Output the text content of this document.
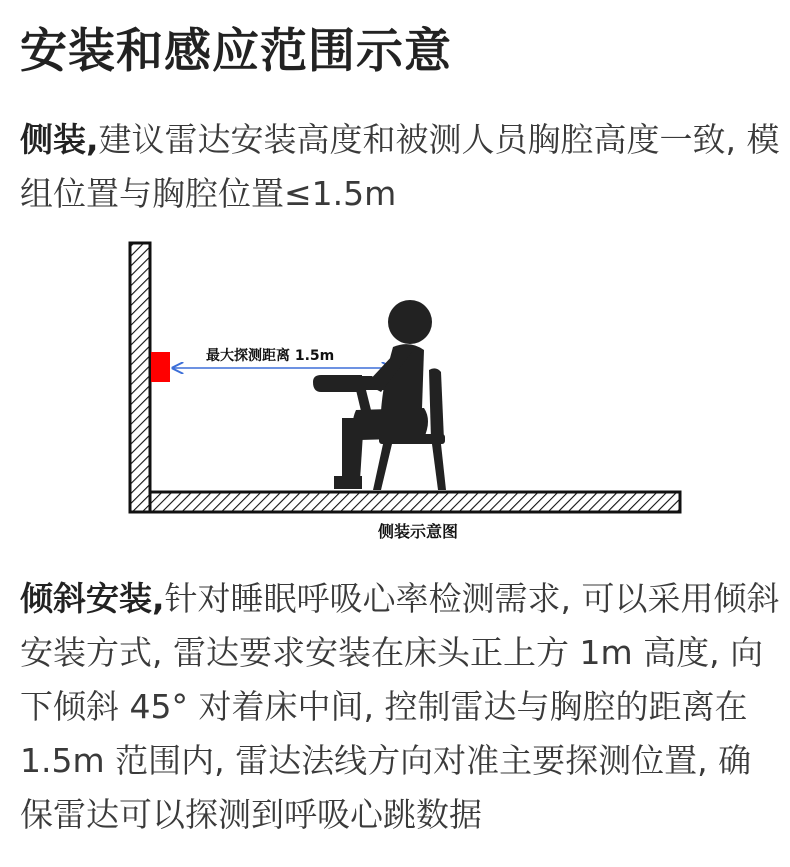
安装和感应范围示意

侧装,建议雷达安装高度和被测人员胸腔高度一致, 模组位置与胸腔位置≤1.5m

最大探测距离 1.5m
侧装示意图

倾斜安装,针对睡眠呼吸心率检测需求, 可以采用倾斜安装方式, 雷达要求安装在床头正上方 1m 高度, 向下倾斜 45° 对着床中间, 控制雷达与胸腔的距离在 1.5m 范围内, 雷达法线方向对准主要探测位置, 确保雷达可以探测到呼吸心跳数据
